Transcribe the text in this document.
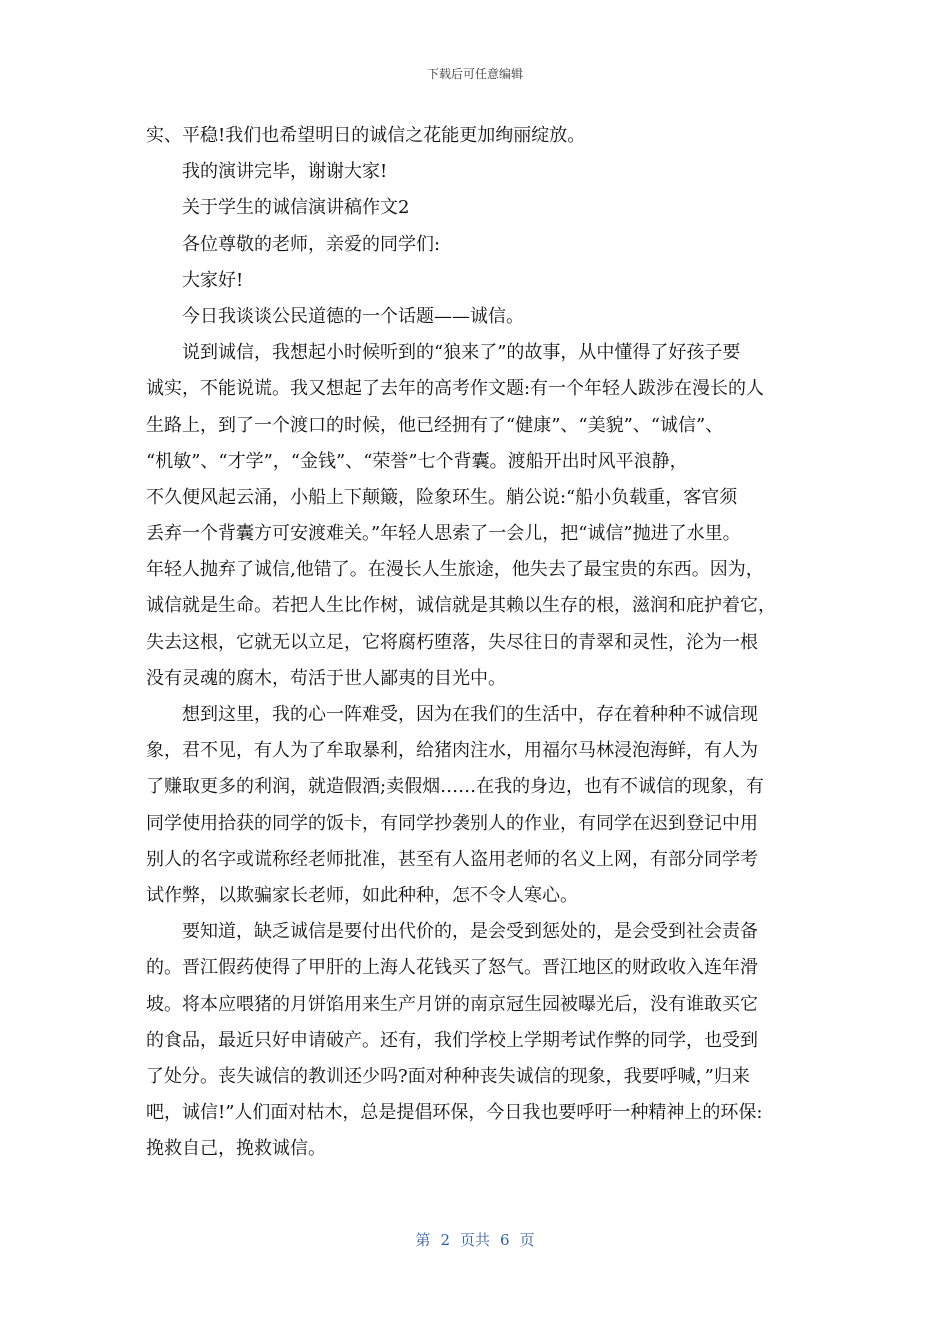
下载后可任意编辑
实、平稳!我们也希望明日的诚信之花能更加绚丽绽放。
我的演讲完毕，谢谢大家!
关于学生的诚信演讲稿作文2
各位尊敬的老师，亲爱的同学们:
大家好!
今日我谈谈公民道德的一个话题——诚信。
说到诚信，我想起小时候听到的“狼来了”的故事，从中懂得了好孩子要
诚实，不能说谎。我又想起了去年的高考作文题:有一个年轻人跋涉在漫长的人
生路上，到了一个渡口的时候，他已经拥有了“健康”、“美貌”、“诚信”、
“机敏”、“才学”，“金钱”、“荣誉”七个背囊。渡船开出时风平浪静，
不久便风起云涌，小船上下颠簸，险象环生。艄公说:“船小负载重，客官须
丢弃一个背囊方可安渡难关。”年轻人思索了一会儿，把“诚信”抛进了水里。
年轻人抛弃了诚信,他错了。在漫长人生旅途，他失去了最宝贵的东西。因为，
诚信就是生命。若把人生比作树，诚信就是其赖以生存的根，滋润和庇护着它，
失去这根，它就无以立足，它将腐朽堕落，失尽往日的青翠和灵性，沦为一根
没有灵魂的腐木，苟活于世人鄙夷的目光中。
想到这里，我的心一阵难受，因为在我们的生活中，存在着种种不诚信现
象，君不见，有人为了牟取暴利，给猪肉注水，用福尔马林浸泡海鲜，有人为
了赚取更多的利润，就造假酒;卖假烟……在我的身边，也有不诚信的现象，有
同学使用拾获的同学的饭卡，有同学抄袭别人的作业，有同学在迟到登记中用
别人的名字或谎称经老师批准，甚至有人盗用老师的名义上网，有部分同学考
试作弊，以欺骗家长老师，如此种种，怎不令人寒心。
要知道，缺乏诚信是要付出代价的，是会受到惩处的，是会受到社会责备
的。晋江假药使得了甲肝的上海人花钱买了怒气。晋江地区的财政收入连年滑
坡。将本应喂猪的月饼馅用来生产月饼的南京冠生园被曝光后，没有谁敢买它
的食品，最近只好申请破产。还有，我们学校上学期考试作弊的同学，也受到
了处分。丧失诚信的教训还少吗?面对种种丧失诚信的现象，我要呼喊，”归来
吧，诚信!”人们面对枯木，总是提倡环保，今日我也要呼吁一种精神上的环保:
挽救自己，挽救诚信。
第 2 页共 6 页
